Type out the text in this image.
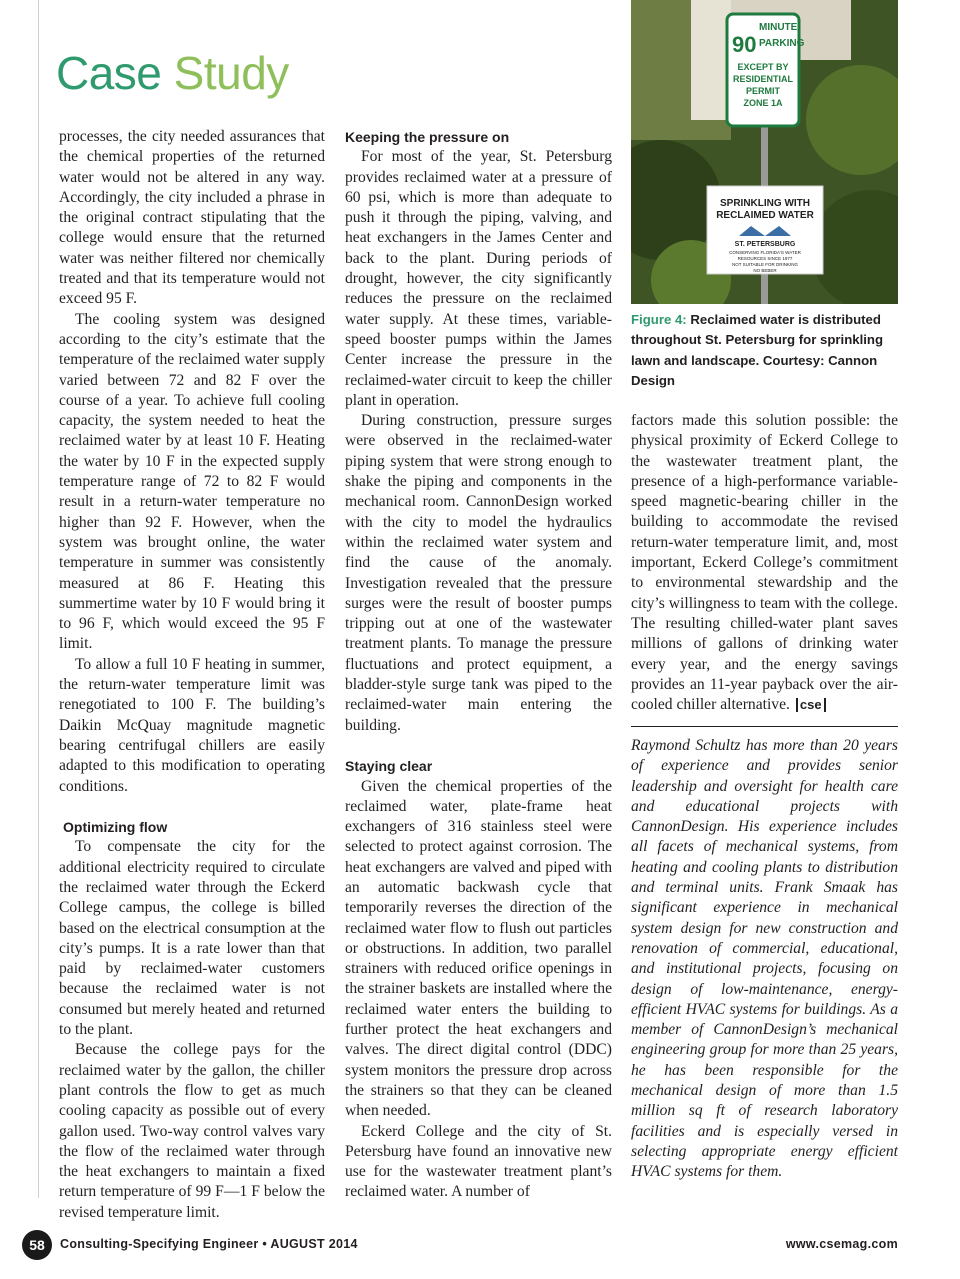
Case Study

processes, the city needed assurances that the chemical properties of the returned water would not be altered in any way. Accordingly, the city included a phrase in the original contract stipulating that the college would ensure that the returned water was neither filtered nor chemically treated and that its temperature would not exceed 95 F.

The cooling system was designed according to the city’s estimate that the temperature of the reclaimed water supply varied between 72 and 82 F over the course of a year. To achieve full cooling capacity, the system needed to heat the reclaimed water by at least 10 F. Heating the water by 10 F in the expected supply temperature range of 72 to 82 F would result in a return-water temperature no higher than 92 F. However, when the system was brought online, the water temperature in summer was consistently measured at 86 F. Heating this summertime water by 10 F would bring it to 96 F, which would exceed the 95 F limit.

To allow a full 10 F heating in summer, the return-water temperature limit was renegotiated to 100 F. The building’s Daikin McQuay magnitude magnetic bearing centrifugal chillers are easily adapted to this modification to operating conditions.

Optimizing flow

To compensate the city for the additional electricity required to circulate the reclaimed water through the Eckerd College campus, the college is billed based on the electrical consumption at the city’s pumps. It is a rate lower than that paid by reclaimed-water customers because the reclaimed water is not consumed but merely heated and returned to the plant.

Because the college pays for the reclaimed water by the gallon, the chiller plant controls the flow to get as much cooling capacity as possible out of every gallon used. Two-way control valves vary the flow of the reclaimed water through the heat exchangers to maintain a fixed return temperature of 99 F—1 F below the revised temperature limit.

Keeping the pressure on

For most of the year, St. Petersburg provides reclaimed water at a pressure of 60 psi, which is more than adequate to push it through the piping, valving, and heat exchangers in the James Center and back to the plant. During periods of drought, however, the city significantly reduces the pressure on the reclaimed water supply. At these times, variable-speed booster pumps within the James Center increase the pressure in the reclaimed-water circuit to keep the chiller plant in operation.

During construction, pressure surges were observed in the reclaimed-water piping system that were strong enough to shake the piping and components in the mechanical room. CannonDesign worked with the city to model the hydraulics within the reclaimed water system and find the cause of the anomaly. Investigation revealed that the pressure surges were the result of booster pumps tripping out at one of the wastewater treatment plants. To manage the pressure fluctuations and protect equipment, a bladder-style surge tank was piped to the reclaimed-water main entering the building.

Staying clear

Given the chemical properties of the reclaimed water, plate-frame heat exchangers of 316 stainless steel were selected to protect against corrosion. The heat exchangers are valved and piped with an automatic backwash cycle that temporarily reverses the direction of the reclaimed water flow to flush out particles or obstructions. In addition, two parallel strainers with reduced orifice openings in the strainer baskets are installed where the reclaimed water enters the building to further protect the heat exchangers and valves. The direct digital control (DDC) system monitors the pressure drop across the strainers so that they can be cleaned when needed.

Eckerd College and the city of St. Petersburg have found an innovative new use for the wastewater treatment plant’s reclaimed water. A number of

90
MINUTE
PARKING
EXCEPT BY
RESIDENTIAL
PERMIT
ZONE 1A
SPRINKLING WITH
RECLAIMED WATER
ST. PETERSBURG
CONSERVING FLORIDA'S WATER
RESOURCES SINCE 1977
NOT SUITABLE FOR DRINKING
NO BEBER

Figure 4: Reclaimed water is distributed throughout St. Petersburg for sprinkling lawn and landscape. Courtesy: Cannon Design

factors made this solution possible: the physical proximity of Eckerd College to the wastewater treatment plant, the presence of a high-performance variable-speed magnetic-bearing chiller in the building to accommodate the revised return-water temperature limit, and, most important, Eckerd College’s commitment to environmental stewardship and the city’s willingness to team with the college. The resulting chilled-water plant saves millions of gallons of drinking water every year, and the energy savings provides an 11-year payback over the air-cooled chiller alternative. cse

Raymond Schultz has more than 20 years of experience and provides senior leadership and oversight for health care and educational projects with CannonDesign. His experience includes all facets of mechanical systems, from heating and cooling plants to distribution and terminal units. Frank Smaak has significant experience in mechanical system design for new construction and renovation of commercial, educational, and institutional projects, focusing on design of low-maintenance, energy-efficient HVAC systems for buildings. As a member of CannonDesign’s mechanical engineering group for more than 25 years, he has been responsible for the mechanical design of more than 1.5 million sq ft of research laboratory facilities and is especially versed in selecting appropriate energy efficient HVAC systems for them.

58	Consulting-Specifying Engineer • AUGUST 2014	www.csemag.com
